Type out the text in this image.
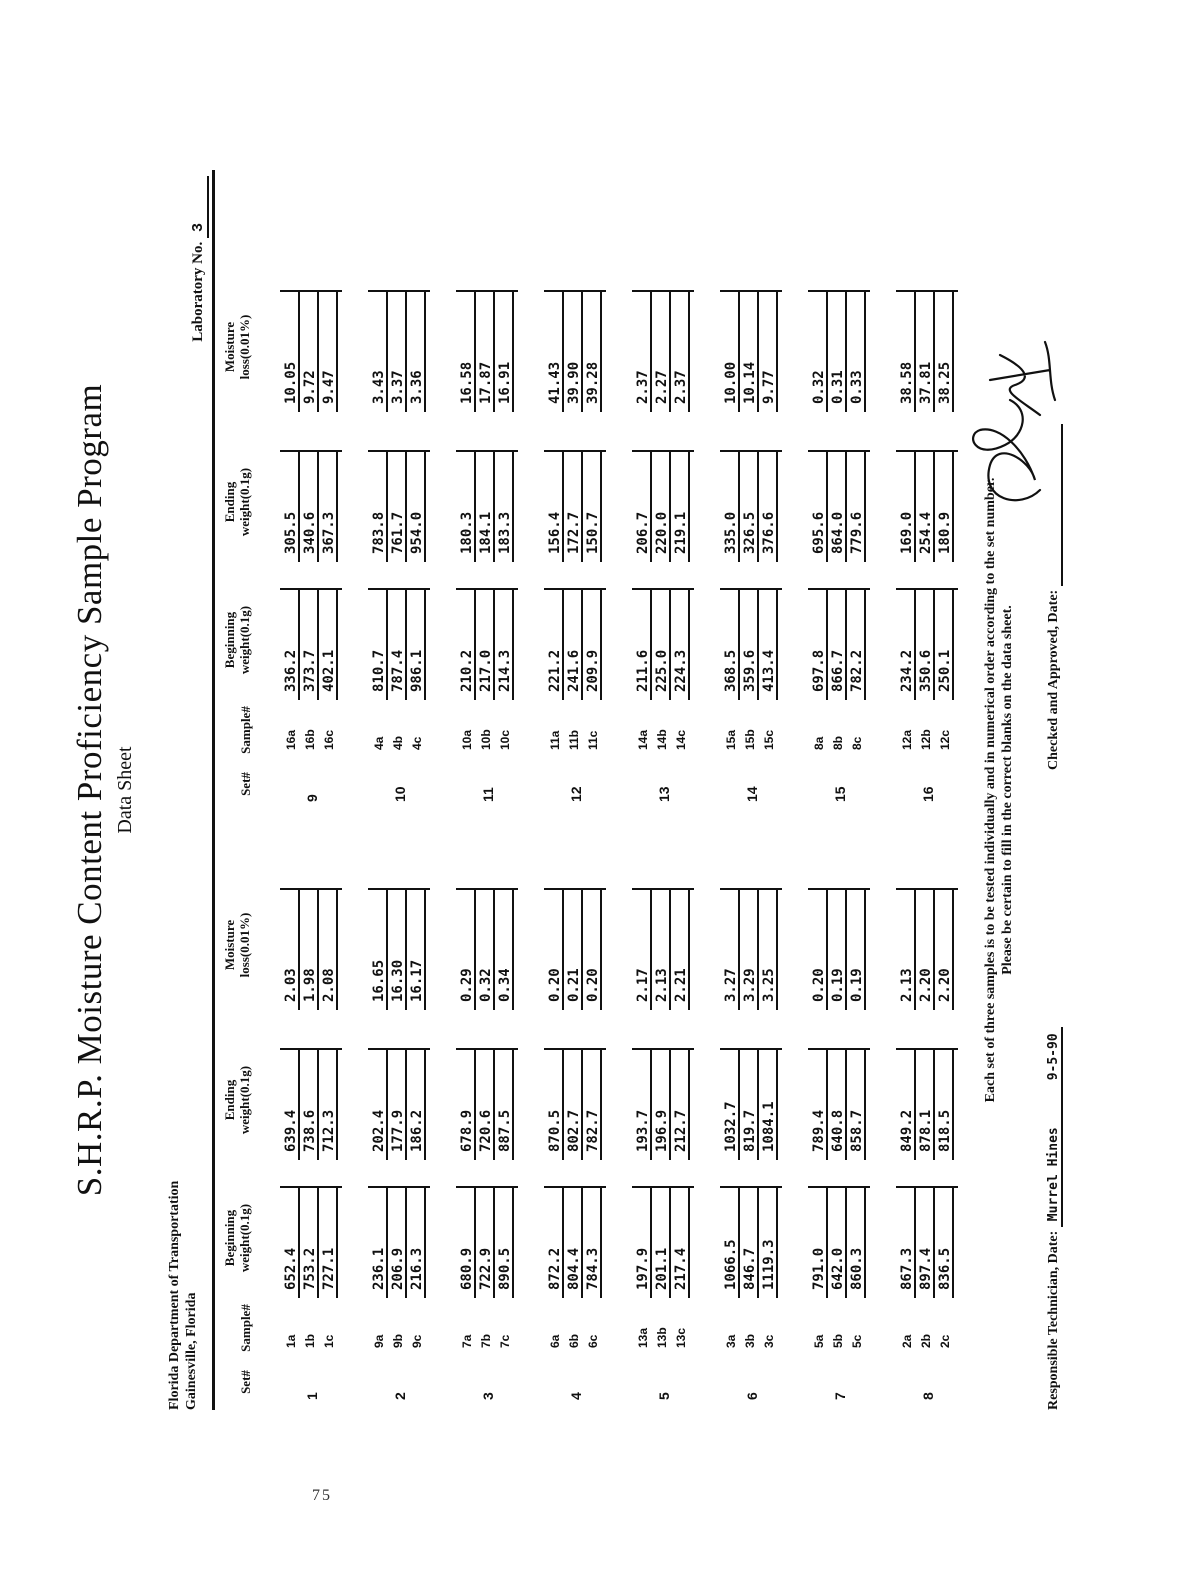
75
S.H.R.P. Moisture Content Proficiency Sample Program Data Sheet
Florida Department of Transportation Gainesville, Florida
Laboratory No. 3
Set#
Sample#
Beginning weight(0.1g)
Ending weight(0.1g)
Moisture loss(0.01%)
1
1a
652.4
639.4
2.03
1b
753.2
738.6
1.98
1c
727.1
712.3
2.08
2
9a
236.1
202.4
16.65
9b
206.9
177.9
16.30
9c
216.3
186.2
16.17
3
7a
680.9
678.9
0.29
7b
722.9
720.6
0.32
7c
890.5
887.5
0.34
4
6a
872.2
870.5
0.20
6b
804.4
802.7
0.21
6c
784.3
782.7
0.20
5
13a
197.9
193.7
2.17
13b
201.1
196.9
2.13
13c
217.4
212.7
2.21
6
3a
1066.5
1032.7
3.27
3b
846.7
819.7
3.29
3c
1119.3
1084.1
3.25
7
5a
791.0
789.4
0.20
5b
642.0
640.8
0.19
5c
860.3
858.7
0.19
8
2a
867.3
849.2
2.13
2b
897.4
878.1
2.20
2c
836.5
818.5
2.20
Set#
Sample#
Beginning weight(0.1g)
Ending weight(0.1g)
Moisture loss(0.01%)
9
16a
336.2
305.5
10.05
16b
373.7
340.6
9.72
16c
402.1
367.3
9.47
10
4a
810.7
783.8
3.43
4b
787.4
761.7
3.37
4c
986.1
954.0
3.36
11
10a
210.2
180.3
16.58
10b
217.0
184.1
17.87
10c
214.3
183.3
16.91
12
11a
221.2
156.4
41.43
11b
241.6
172.7
39.90
11c
209.9
150.7
39.28
13
14a
211.6
206.7
2.37
14b
225.0
220.0
2.27
14c
224.3
219.1
2.37
14
15a
368.5
335.0
10.00
15b
359.6
326.5
10.14
15c
413.4
376.6
9.77
15
8a
697.8
695.6
0.32
8b
866.7
864.0
0.31
8c
782.2
779.6
0.33
16
12a
234.2
169.0
38.58
12b
350.6
254.4
37.81
12c
250.1
180.9
38.25
Each set of three samples is to be tested individually and in numerical order according to the set number. Please be certain to fill in the correct blanks on the data sheet.
Responsible Technician, Date: Murrel Hines      9-5-90
Checked and Approved, Date:
